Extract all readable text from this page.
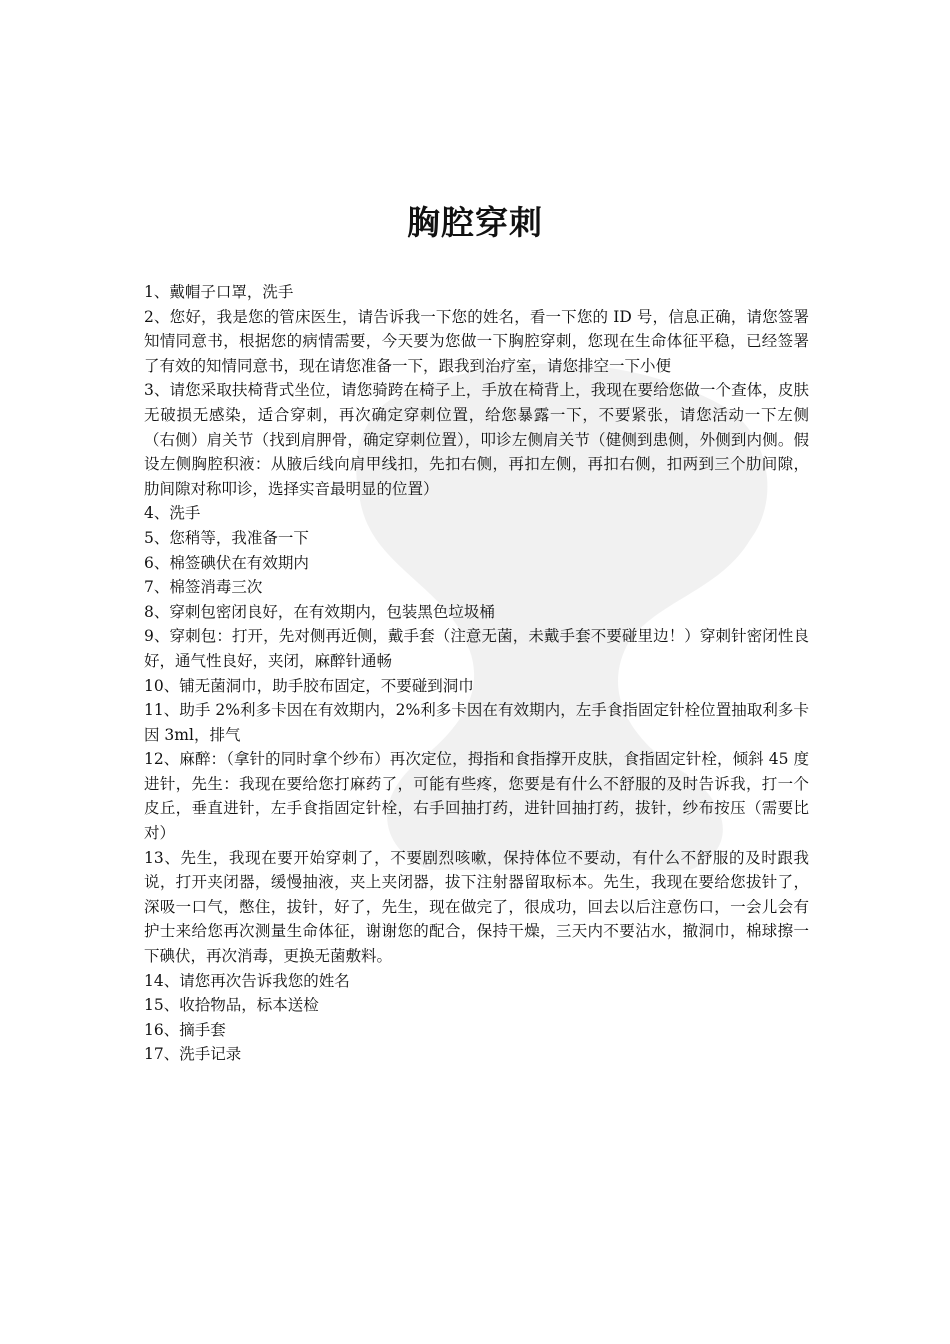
胸腔穿刺

1、戴帽子口罩，洗手

2、您好，我是您的管床医生，请告诉我一下您的姓名，看一下您的 ID 号，信息正确，请您签署知情同意书，根据您的病情需要，今天要为您做一下胸腔穿刺，您现在生命体征平稳，已经签署了有效的知情同意书，现在请您准备一下，跟我到治疗室，请您排空一下小便

3、请您采取扶椅背式坐位，请您骑跨在椅子上，手放在椅背上，我现在要给您做一个查体，皮肤无破损无感染，适合穿刺，再次确定穿刺位置，给您暴露一下，不要紧张，请您活动一下左侧（右侧）肩关节（找到肩胛骨，确定穿刺位置），叩诊左侧肩关节（健侧到患侧，外侧到内侧。假设左侧胸腔积液：从腋后线向肩甲线扣，先扣右侧，再扣左侧，再扣右侧，扣两到三个肋间隙，肋间隙对称叩诊，选择实音最明显的位置）

4、洗手

5、您稍等，我准备一下

6、棉签碘伏在有效期内

7、棉签消毒三次

8、穿刺包密闭良好，在有效期内，包装黑色垃圾桶

9、穿刺包：打开，先对侧再近侧，戴手套（注意无菌，未戴手套不要碰里边！）穿刺针密闭性良好，通气性良好，夹闭，麻醉针通畅

10、铺无菌洞巾，助手胶布固定，不要碰到洞巾

11、助手 2%利多卡因在有效期内，2%利多卡因在有效期内，左手食指固定针栓位置抽取利多卡因 3ml，排气

12、麻醉：（拿针的同时拿个纱布）再次定位，拇指和食指撑开皮肤，食指固定针栓，倾斜 45 度进针，先生：我现在要给您打麻药了，可能有些疼，您要是有什么不舒服的及时告诉我，打一个皮丘，垂直进针，左手食指固定针栓，右手回抽打药，进针回抽打药，拔针，纱布按压（需要比对）

13、先生，我现在要开始穿刺了，不要剧烈咳嗽，保持体位不要动，有什么不舒服的及时跟我说，打开夹闭器，缓慢抽液，夹上夹闭器，拔下注射器留取标本。先生，我现在要给您拔针了，深吸一口气，憋住，拔针，好了，先生，现在做完了，很成功，回去以后注意伤口，一会儿会有护士来给您再次测量生命体征，谢谢您的配合，保持干燥，三天内不要沾水，撤洞巾，棉球擦一下碘伏，再次消毒，更换无菌敷料。

14、请您再次告诉我您的姓名

15、收拾物品，标本送检

16、摘手套

17、洗手记录
